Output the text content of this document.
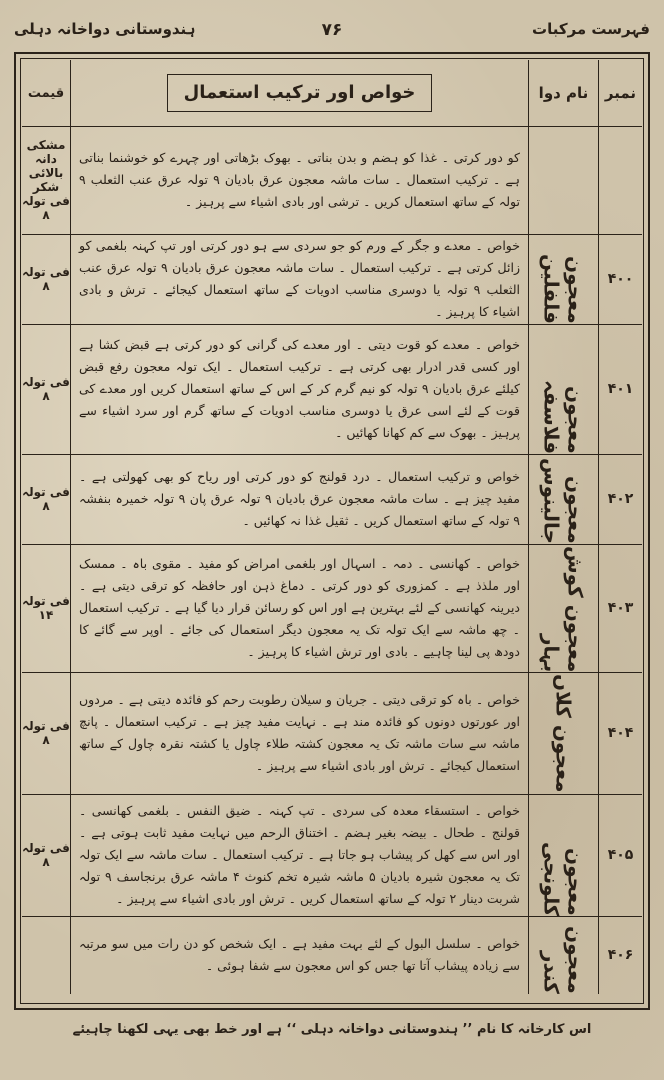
فہرست مرکبات
۷۶
ہندوستانی دواخانہ دہلی
نمبر
نام دوا
خواص اور ترکیب استعمال
قیمت
کو دور کرتی ۔ غذا کو ہضم و بدن بناتی ۔ بھوک بڑھاتی اور چہرے کو خوشنما بناتی ہے ۔ ترکیب استعمال ۔ سات ماشہ معجون عرق بادیان ۹ تولہ عرق عنب الثعلب ۹ تولہ کے ساتھ استعمال کریں ۔ ترشی اور بادی اشیاء سے پرہیز ۔
مشکی دانہ
بالائی شکر
فی تولہ ۸
۴۰۰
معجون فلفلین
خواص ۔ معدے و جگر کے ورم کو جو سردی سے ہو دور کرتی اور تپ کہنہ بلغمی کو زائل کرتی ہے ۔ ترکیب استعمال ۔ سات ماشہ معجون عرق بادیان ۹ تولہ عرق عنب الثعلب ۹ تولہ یا دوسری مناسب ادویات کے ساتھ استعمال کیجائے ۔ ترش و بادی اشیاء کا پرہیز ۔
فی تولہ
۸
۴۰۱
معجون فلاسفہ
خواص ۔ معدے کو قوت دیتی ۔ اور معدے کی گرانی کو دور کرتی ہے قبض کشا ہے اور کسی قدر ادرار بھی کرتی ہے ۔ ترکیب استعمال ۔ ایک تولہ معجون رفع قبض کیلئے عرق بادیان ۹ تولہ کو نیم گرم کر کے اس کے ساتھ استعمال کریں اور معدے کی قوت کے لئے اسی عرق یا دوسری مناسب ادویات کے ساتھ گرم اور سرد اشیاء سے پرہیز ۔ بھوک سے کم کھانا کھائیں ۔
فی تولہ
۸
۴۰۲
معجون جالینوس
خواص و ترکیب استعمال ۔ درد قولنج کو دور کرتی اور ریاح کو بھی کھولتی ہے ۔ مفید چیز ہے ۔ سات ماشہ معجون عرق بادیان ۹ تولہ عرق پان ۹ تولہ خمیرہ بنفشہ ۹ تولہ کے ساتھ استعمال کریں ۔ ثقیل غذا نہ کھائیں ۔
فی تولہ
۸
۴۰۳
معجون کوش بہار
خواص ۔ کھانسی ۔ دمہ ۔ اسہال اور بلغمی امراض کو مفید ۔ مقوی باہ ۔ ممسک اور ملذذ ہے ۔ کمزوری کو دور کرتی ۔ دماغ ذہن اور حافظہ کو ترقی دیتی ہے ۔ دیرینہ کھانسی کے لئے بہترین ہے اور اس کو رسائن قرار دیا گیا ہے ۔ ترکیب استعمال ۔ چھ ماشہ سے ایک تولہ تک یہ معجون دیگر استعمال کی جائے ۔ اوپر سے گائے کا دودھ پی لینا چاہیے ۔ بادی اور ترش اشیاء کا پرہیز ۔
فی تولہ
۱۴
۴۰۴
معجون کلاں
خواص ۔ باہ کو ترقی دیتی ۔ جریان و سیلان رطوبت رحم کو فائدہ دیتی ہے ۔ مردوں اور عورتوں دونوں کو فائدہ مند ہے ۔ نہایت مفید چیز ہے ۔ ترکیب استعمال ۔ پانچ ماشہ سے سات ماشہ تک یہ معجون کشتہ طلاء چاول یا کشتہ نقرہ چاول کے ساتھ استعمال کیجائے ۔ ترش اور بادی اشیاء سے پرہیز ۔
فی تولہ
۸
۴۰۵
معجون کلونجی
خواص ۔ استسقاء معدہ کی سردی ۔ تپ کہنہ ۔ ضیق النفس ۔ بلغمی کھانسی ۔ قولنج ۔ طحال ۔ بیضہ بغیر ہضم ۔ اختناق الرحم میں نہایت مفید ثابت ہوتی ہے ۔ اور اس سے کھل کر پیشاب ہو جاتا ہے ۔ ترکیب استعمال ۔ سات ماشہ سے ایک تولہ تک یہ معجون شیرہ بادیان ۵ ماشہ شیرہ تخم کنوث ۴ ماشہ عرق برنجاسف ۹ تولہ شربت دینار ۲ تولہ کے ساتھ استعمال کریں ۔ ترش اور بادی اشیاء سے پرہیز ۔
فی تولہ
۸
۴۰۶
معجون کندر
خواص ۔ سلسل البول کے لئے بہت مفید ہے ۔ ایک شخص کو دن رات میں سو مرتبہ سے زیادہ پیشاب آتا تھا جس کو اس معجون سے شفا ہوئی ۔
اس کارخانہ کا نام ’’ ہندوستانی دواخانہ دہلی ‘‘ ہے اور خط بھی یہی لکھنا چاہیئے
